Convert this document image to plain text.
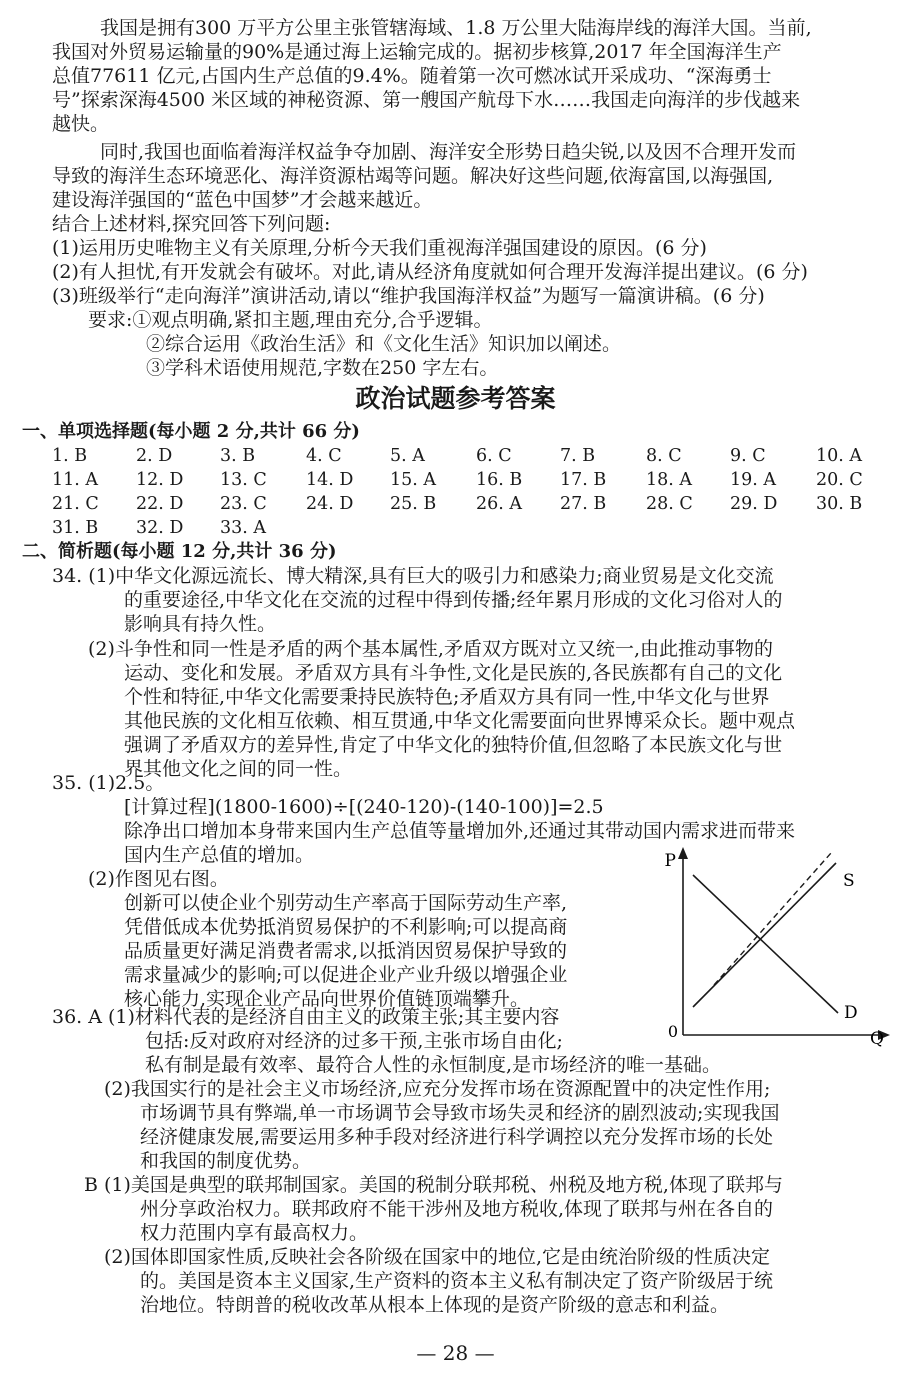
我国是拥有300 万平方公里主张管辖海域、1.8 万公里大陆海岸线的海洋大国。当前,
我国对外贸易运输量的90%是通过海上运输完成的。据初步核算,2017 年全国海洋生产
总值77611 亿元,占国内生产总值的9.4%。随着第一次可燃冰试开采成功、“深海勇士
号”探索深海4500 米区域的神秘资源、第一艘国产航母下水……我国走向海洋的步伐越来
越快。
同时,我国也面临着海洋权益争夺加剧、海洋安全形势日趋尖锐,以及因不合理开发而
导致的海洋生态环境恶化、海洋资源枯竭等问题。解决好这些问题,依海富国,以海强国,
建设海洋强国的“蓝色中国梦”才会越来越近。
结合上述材料,探究回答下列问题:
(1)运用历史唯物主义有关原理,分析今天我们重视海洋强国建设的原因。(6 分)
(2)有人担忧,有开发就会有破坏。对此,请从经济角度就如何合理开发海洋提出建议。(6 分)
(3)班级举行“走向海洋”演讲活动,请以“维护我国海洋权益”为题写一篇演讲稿。(6 分)
要求:①观点明确,紧扣主题,理由充分,合乎逻辑。
②综合运用《政治生活》和《文化生活》知识加以阐述。
③学科术语使用规范,字数在250 字左右。
政治试题参考答案
一、单项选择题(每小题 2 分,共计 66 分)
1. B	2. D	3. B	4. C	5. A	6. C	7. B	8. C	9. C	10. A
11. A 12. D 13. C 14. D 15. A 16. B 17. B 18. A 19. A 20. C
21. C 22. D 23. C 24. D 25. B 26. A 27. B 28. C 29. D 30. B
31. B 32. D 33. A
二、简析题(每小题 12 分,共计 36 分)
34. (1)中华文化源远流长、博大精深,具有巨大的吸引力和感染力;商业贸易是文化交流
的重要途径,中华文化在交流的过程中得到传播;经年累月形成的文化习俗对人的
影响具有持久性。
(2)斗争性和同一性是矛盾的两个基本属性,矛盾双方既对立又统一,由此推动事物的
运动、变化和发展。矛盾双方具有斗争性,文化是民族的,各民族都有自己的文化
个性和特征,中华文化需要秉持民族特色;矛盾双方具有同一性,中华文化与世界
其他民族的文化相互依赖、相互贯通,中华文化需要面向世界博采众长。题中观点
强调了矛盾双方的差异性,肯定了中华文化的独特价值,但忽略了本民族文化与世
界其他文化之间的同一性。
35. (1)2.5。
[计算过程](1800-1600)÷[(240-120)-(140-100)]=2.5
除净出口增加本身带来国内生产总值等量增加外,还通过其带动国内需求进而带来
国内生产总值的增加。
(2)作图见右图。
创新可以使企业个别劳动生产率高于国际劳动生产率,
凭借低成本优势抵消贸易保护的不利影响;可以提高商
品质量更好满足消费者需求,以抵消因贸易保护导致的
需求量减少的影响;可以促进企业产业升级以增强企业
核心能力,实现企业产品向世界价值链顶端攀升。
P
0	Q
S
D
36. A (1)材料代表的是经济自由主义的政策主张;其主要内容
包括:反对政府对经济的过多干预,主张市场自由化;
私有制是最有效率、最符合人性的永恒制度,是市场经济的唯一基础。
(2)我国实行的是社会主义市场经济,应充分发挥市场在资源配置中的决定性作用;
市场调节具有弊端,单一市场调节会导致市场失灵和经济的剧烈波动;实现我国
经济健康发展,需要运用多种手段对经济进行科学调控以充分发挥市场的长处
和我国的制度优势。
B (1)美国是典型的联邦制国家。美国的税制分联邦税、州税及地方税,体现了联邦与
州分享政治权力。联邦政府不能干涉州及地方税收,体现了联邦与州在各自的
权力范围内享有最高权力。
(2)国体即国家性质,反映社会各阶级在国家中的地位,它是由统治阶级的性质决定
的。美国是资本主义国家,生产资料的资本主义私有制决定了资产阶级居于统
治地位。特朗普的税收改革从根本上体现的是资产阶级的意志和利益。
— 28 —
